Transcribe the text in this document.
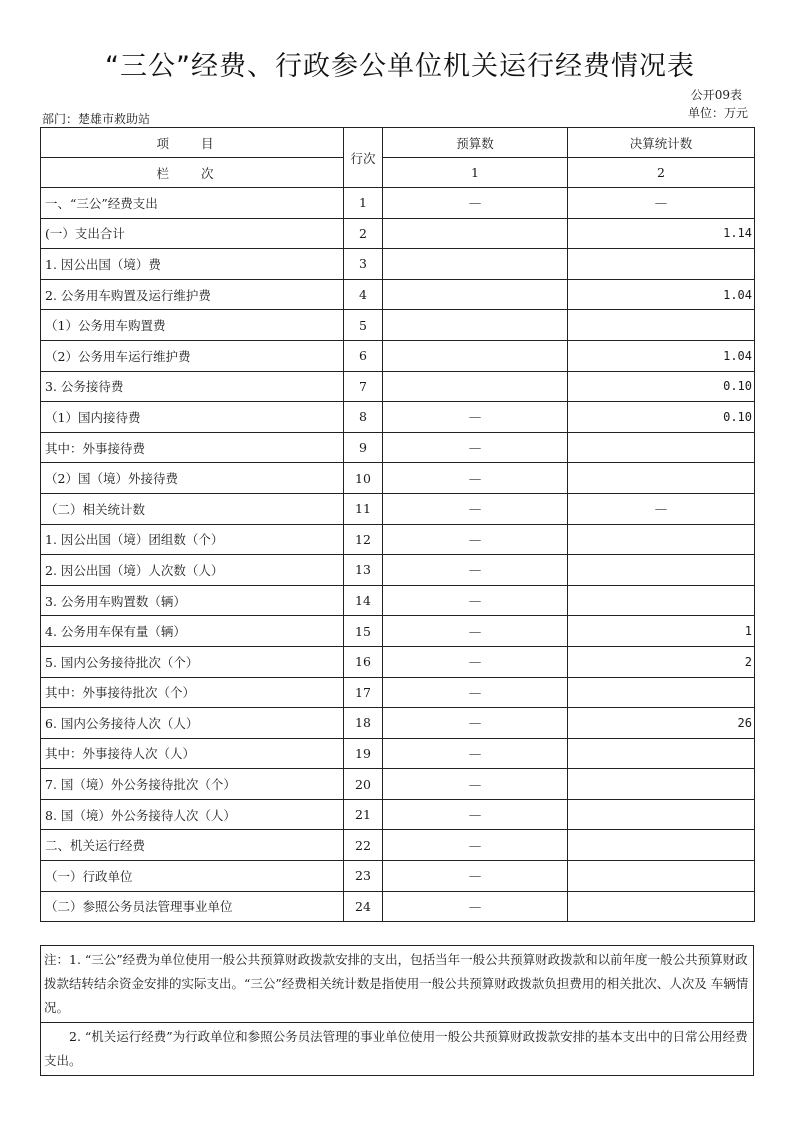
“三公”经费、行政参公单位机关运行经费情况表
公开09表
部门：楚雄市救助站	单位：万元
项 目	行次	预算数	决算统计数
栏 次		1	2
一、“三公”经费支出	1	—	—
(一）支出合计	2		1.14
1. 因公出国（境）费	3		
2. 公务用车购置及运行维护费	4		1.04
（1）公务用车购置费	5		
（2）公务用车运行维护费	6		1.04
3. 公务接待费	7		0.10
（1）国内接待费	8	—	0.10
其中：外事接待费	9	—	
（2）国（境）外接待费	10	—	
（二）相关统计数	11	—	—
1. 因公出国（境）团组数（个）	12	—	
2. 因公出国（境）人次数（人）	13	—	
3. 公务用车购置数（辆）	14	—	
4. 公务用车保有量（辆）	15	—	1
5. 国内公务接待批次（个）	16	—	2
其中：外事接待批次（个）	17	—	
6. 国内公务接待人次（人）	18	—	26
其中：外事接待人次（人）	19	—	
7. 国（境）外公务接待批次（个）	20	—	
8. 国（境）外公务接待人次（人）	21	—	
二、机关运行经费	22	—	
（一）行政单位	23	—	
（二）参照公务员法管理事业单位	24	—	
注：1. “三公”经费为单位使用一般公共预算财政拨款安排的支出，包括当年一般公共预算财政拨款和以前年度一般公共预算财政拨款结转结余资金安排的实际支出。“三公”经费相关统计数是指使用一般公共预算财政拨款负担费用的相关批次、人次及 车辆情况。
2. “机关运行经费”为行政单位和参照公务员法管理的事业单位使用一般公共预算财政拨款安排的基本支出中的日常公用经费支出。
